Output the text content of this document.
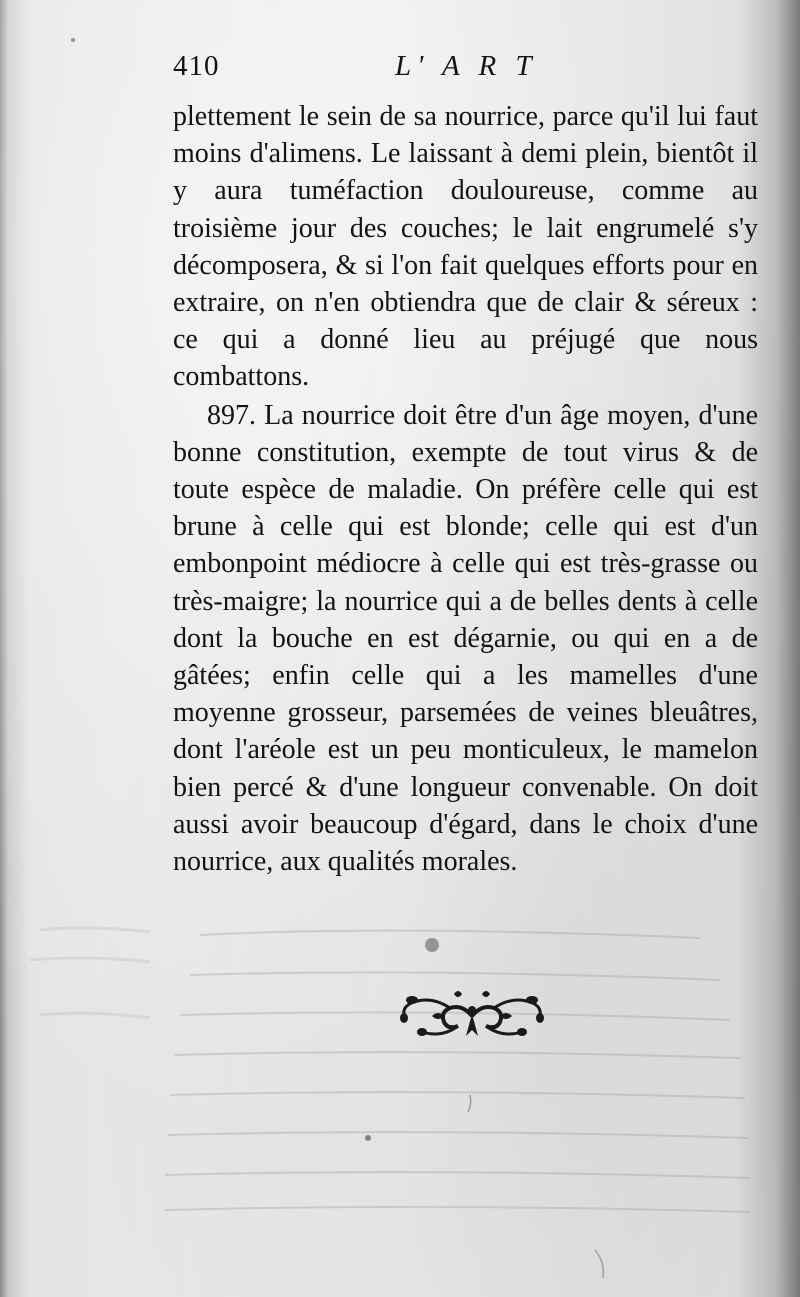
410	L' A R T

plettement le sein de sa nourrice, parce qu'il lui faut moins d'alimens. Le laissant à demi plein, bientôt il y aura tuméfaction douloureuse, comme au troisième jour des couches; le lait engrumelé s'y décomposera, & si l'on fait quelques efforts pour en extraire, on n'en obtiendra que de clair & séreux : ce qui a donné lieu au préjugé que nous combattons.

897. La nourrice doit être d'un âge moyen, d'une bonne constitution, exempte de tout virus & de toute espèce de maladie. On préfère celle qui est brune à celle qui est blonde; celle qui est d'un embonpoint médiocre à celle qui est très-grasse ou très-maigre; la nourrice qui a de belles dents à celle dont la bouche en est dégarnie, ou qui en a de gâtées; enfin celle qui a les mamelles d'une moyenne grosseur, parsemées de veines bleuâtres, dont l'aréole est un peu monticuleux, le mamelon bien percé & d'une longueur convenable. On doit aussi avoir beaucoup d'égard, dans le choix d'une nourrice, aux qualités morales.
